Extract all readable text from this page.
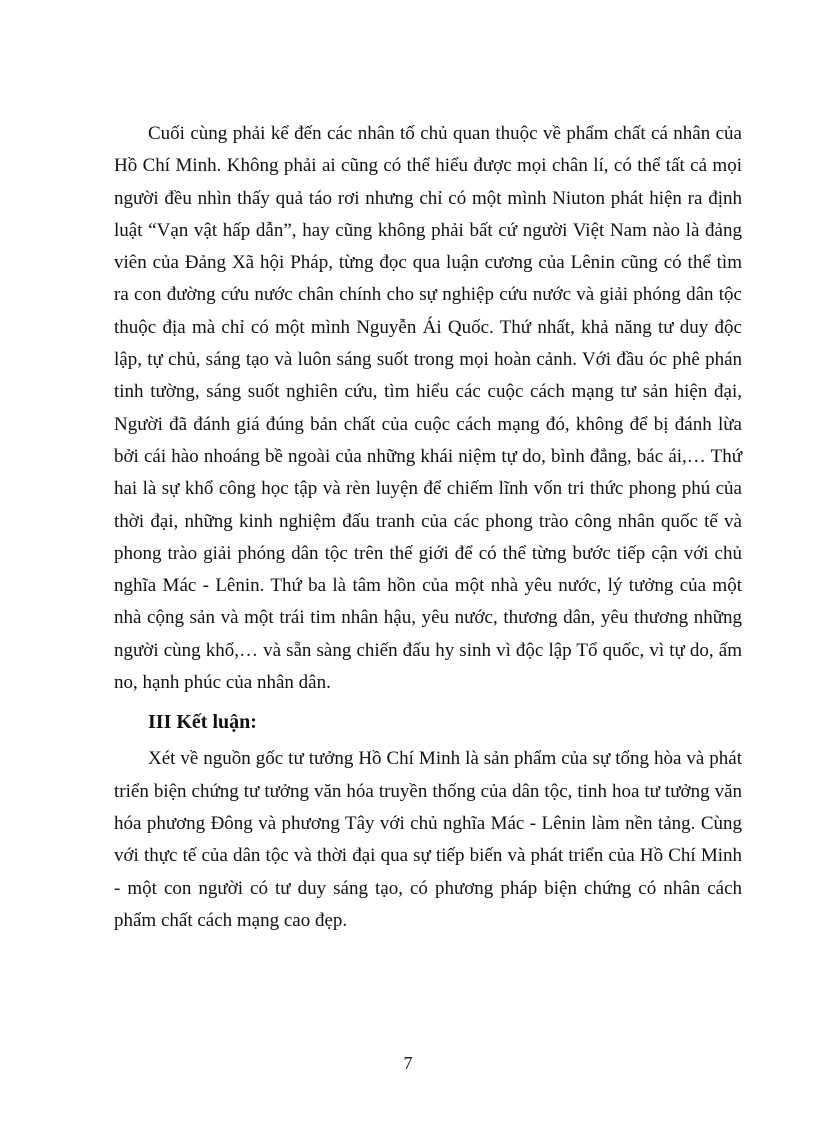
Cuối cùng phải kể đến các nhân tố chủ quan thuộc về phẩm chất cá nhân của Hồ Chí Minh. Không phải ai cũng có thể hiểu được mọi chân lí, có thể tất cả mọi người đều nhìn thấy quả táo rơi nhưng chỉ có một mình Niuton phát hiện ra định luật “Vạn vật hấp dẫn”, hay cũng không phải bất cứ người Việt Nam nào là đảng viên của Đảng Xã hội Pháp, từng đọc qua luận cương của Lênin cũng có thể tìm ra con đường cứu nước chân chính cho sự nghiệp cứu nước và giải phóng dân tộc thuộc địa mà chỉ có một mình Nguyễn Ái Quốc. Thứ nhất, khả năng tư duy độc lập, tự chủ, sáng tạo và luôn sáng suốt trong mọi hoàn cảnh. Với đầu óc phê phán tinh tường, sáng suốt nghiên cứu, tìm hiểu các cuộc cách mạng tư sản hiện đại, Người đã đánh giá đúng bản chất của cuộc cách mạng đó, không để bị đánh lừa bởi cái hào nhoáng bề ngoài của những khái niệm tự do, bình đẳng, bác ái,… Thứ hai là sự khổ công học tập và rèn luyện để chiếm lĩnh vốn tri thức phong phú của thời đại, những kinh nghiệm đấu tranh của các phong trào công nhân quốc tế và phong trào giải phóng dân tộc trên thế giới để có thể từng bước tiếp cận với chủ nghĩa Mác - Lênin. Thứ ba là tâm hồn của một nhà yêu nước, lý tưởng của một nhà cộng sản và một trái tim nhân hậu, yêu nước, thương dân, yêu thương những người cùng khổ,… và sẵn sàng chiến đấu hy sinh vì độc lập Tổ quốc, vì tự do, ấm no, hạnh phúc của nhân dân.

III Kết luận:

Xét về nguồn gốc tư tưởng Hồ Chí Minh là sản phẩm của sự tổng hòa và phát triển biện chứng tư tưởng văn hóa truyền thống của dân tộc, tinh hoa tư tưởng văn hóa phương Đông và phương Tây với chủ nghĩa Mác - Lênin làm nền tảng. Cùng với thực tế của dân tộc và thời đại qua sự tiếp biến và phát triển của Hồ Chí Minh - một con người có tư duy sáng tạo, có phương pháp biện chứng có nhân cách phẩm chất cách mạng cao đẹp.

7
